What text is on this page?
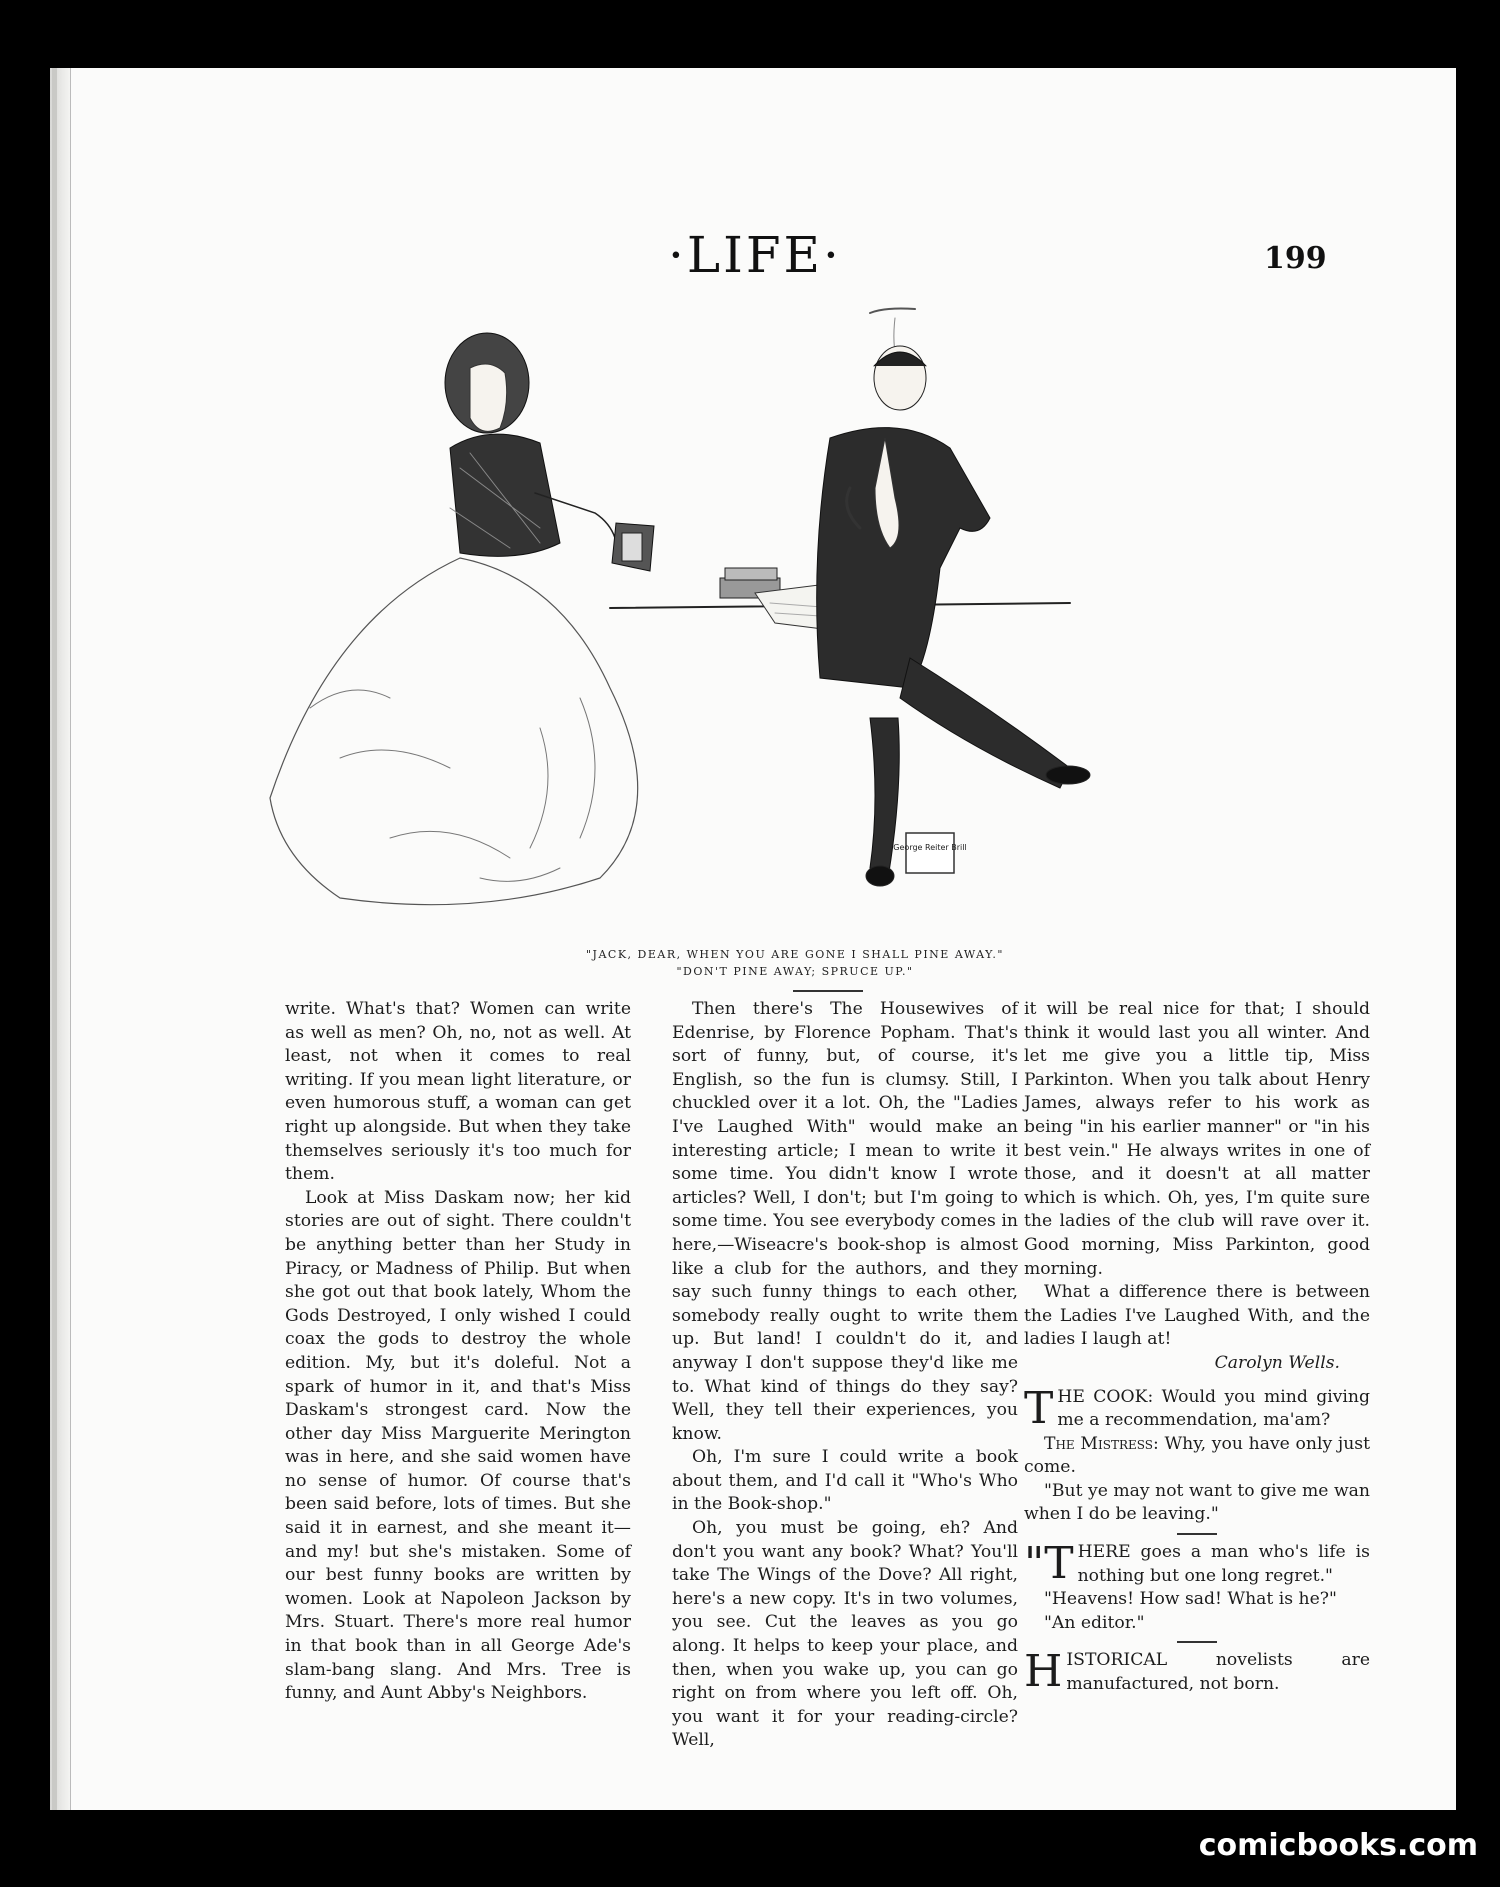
·LIFE·	199
George Reiter Brill
"JACK, DEAR, WHEN YOU ARE GONE I SHALL PINE AWAY."
"DON'T PINE AWAY; SPRUCE UP."

write. What's that? Women can write as well as men? Oh, no, not as well. At least, not when it comes to real writing. If you mean light literature, or even humorous stuff, a woman can get right up alongside. But when they take themselves seriously it's too much for them.

Look at Miss Daskam now; her kid stories are out of sight. There couldn't be anything better than her Study in Piracy, or Madness of Philip. But when she got out that book lately, Whom the Gods Destroyed, I only wished I could coax the gods to destroy the whole edition. My, but it's doleful. Not a spark of humor in it, and that's Miss Daskam's strongest card. Now the other day Miss Marguerite Merington was in here, and she said women have no sense of humor. Of course that's been said before, lots of times. But she said it in earnest, and she meant it—and my! but she's mistaken. Some of our best funny books are written by women. Look at Napoleon Jackson by Mrs. Stuart. There's more real humor in that book than in all George Ade's slam-bang slang. And Mrs. Tree is funny, and Aunt Abby's Neighbors.

Then there's The Housewives of Edenrise, by Florence Popham. That's sort of funny, but, of course, it's English, so the fun is clumsy. Still, I chuckled over it a lot. Oh, the "Ladies I've Laughed With" would make an interesting article; I mean to write it some time. You didn't know I wrote articles? Well, I don't; but I'm going to some time. You see everybody comes in here,—Wiseacre's book-shop is almost like a club for the authors, and they say such funny things to each other, somebody really ought to write them up. But land! I couldn't do it, and anyway I don't suppose they'd like me to. What kind of things do they say? Well, they tell their experiences, you know.

Oh, I'm sure I could write a book about them, and I'd call it "Who's Who in the Book-shop."

Oh, you must be going, eh? And don't you want any book? What? You'll take The Wings of the Dove? All right, here's a new copy. It's in two volumes, you see. Cut the leaves as you go along. It helps to keep your place, and then, when you wake up, you can go right on from where you left off. Oh, you want it for your reading-circle? Well,

it will be real nice for that; I should think it would last you all winter. And let me give you a little tip, Miss Parkinton. When you talk about Henry James, always refer to his work as being "in his earlier manner" or "in his best vein." He always writes in one of those, and it doesn't at all matter which is which. Oh, yes, I'm quite sure the ladies of the club will rave over it. Good morning, Miss Parkinton, good morning.

What a difference there is between the Ladies I've Laughed With, and the ladies I laugh at!

Carolyn Wells.

THE COOK: Would you mind giving me a recommendation, ma'am?

The Mistress: Why, you have only just come.

"But ye may not want to give me wan when I do be leaving."

"THERE goes a man who's life is nothing but one long regret."

"Heavens! How sad! What is he?"

"An editor."

HISTORICAL novelists are manufactured, not born.

comicbooks.com
